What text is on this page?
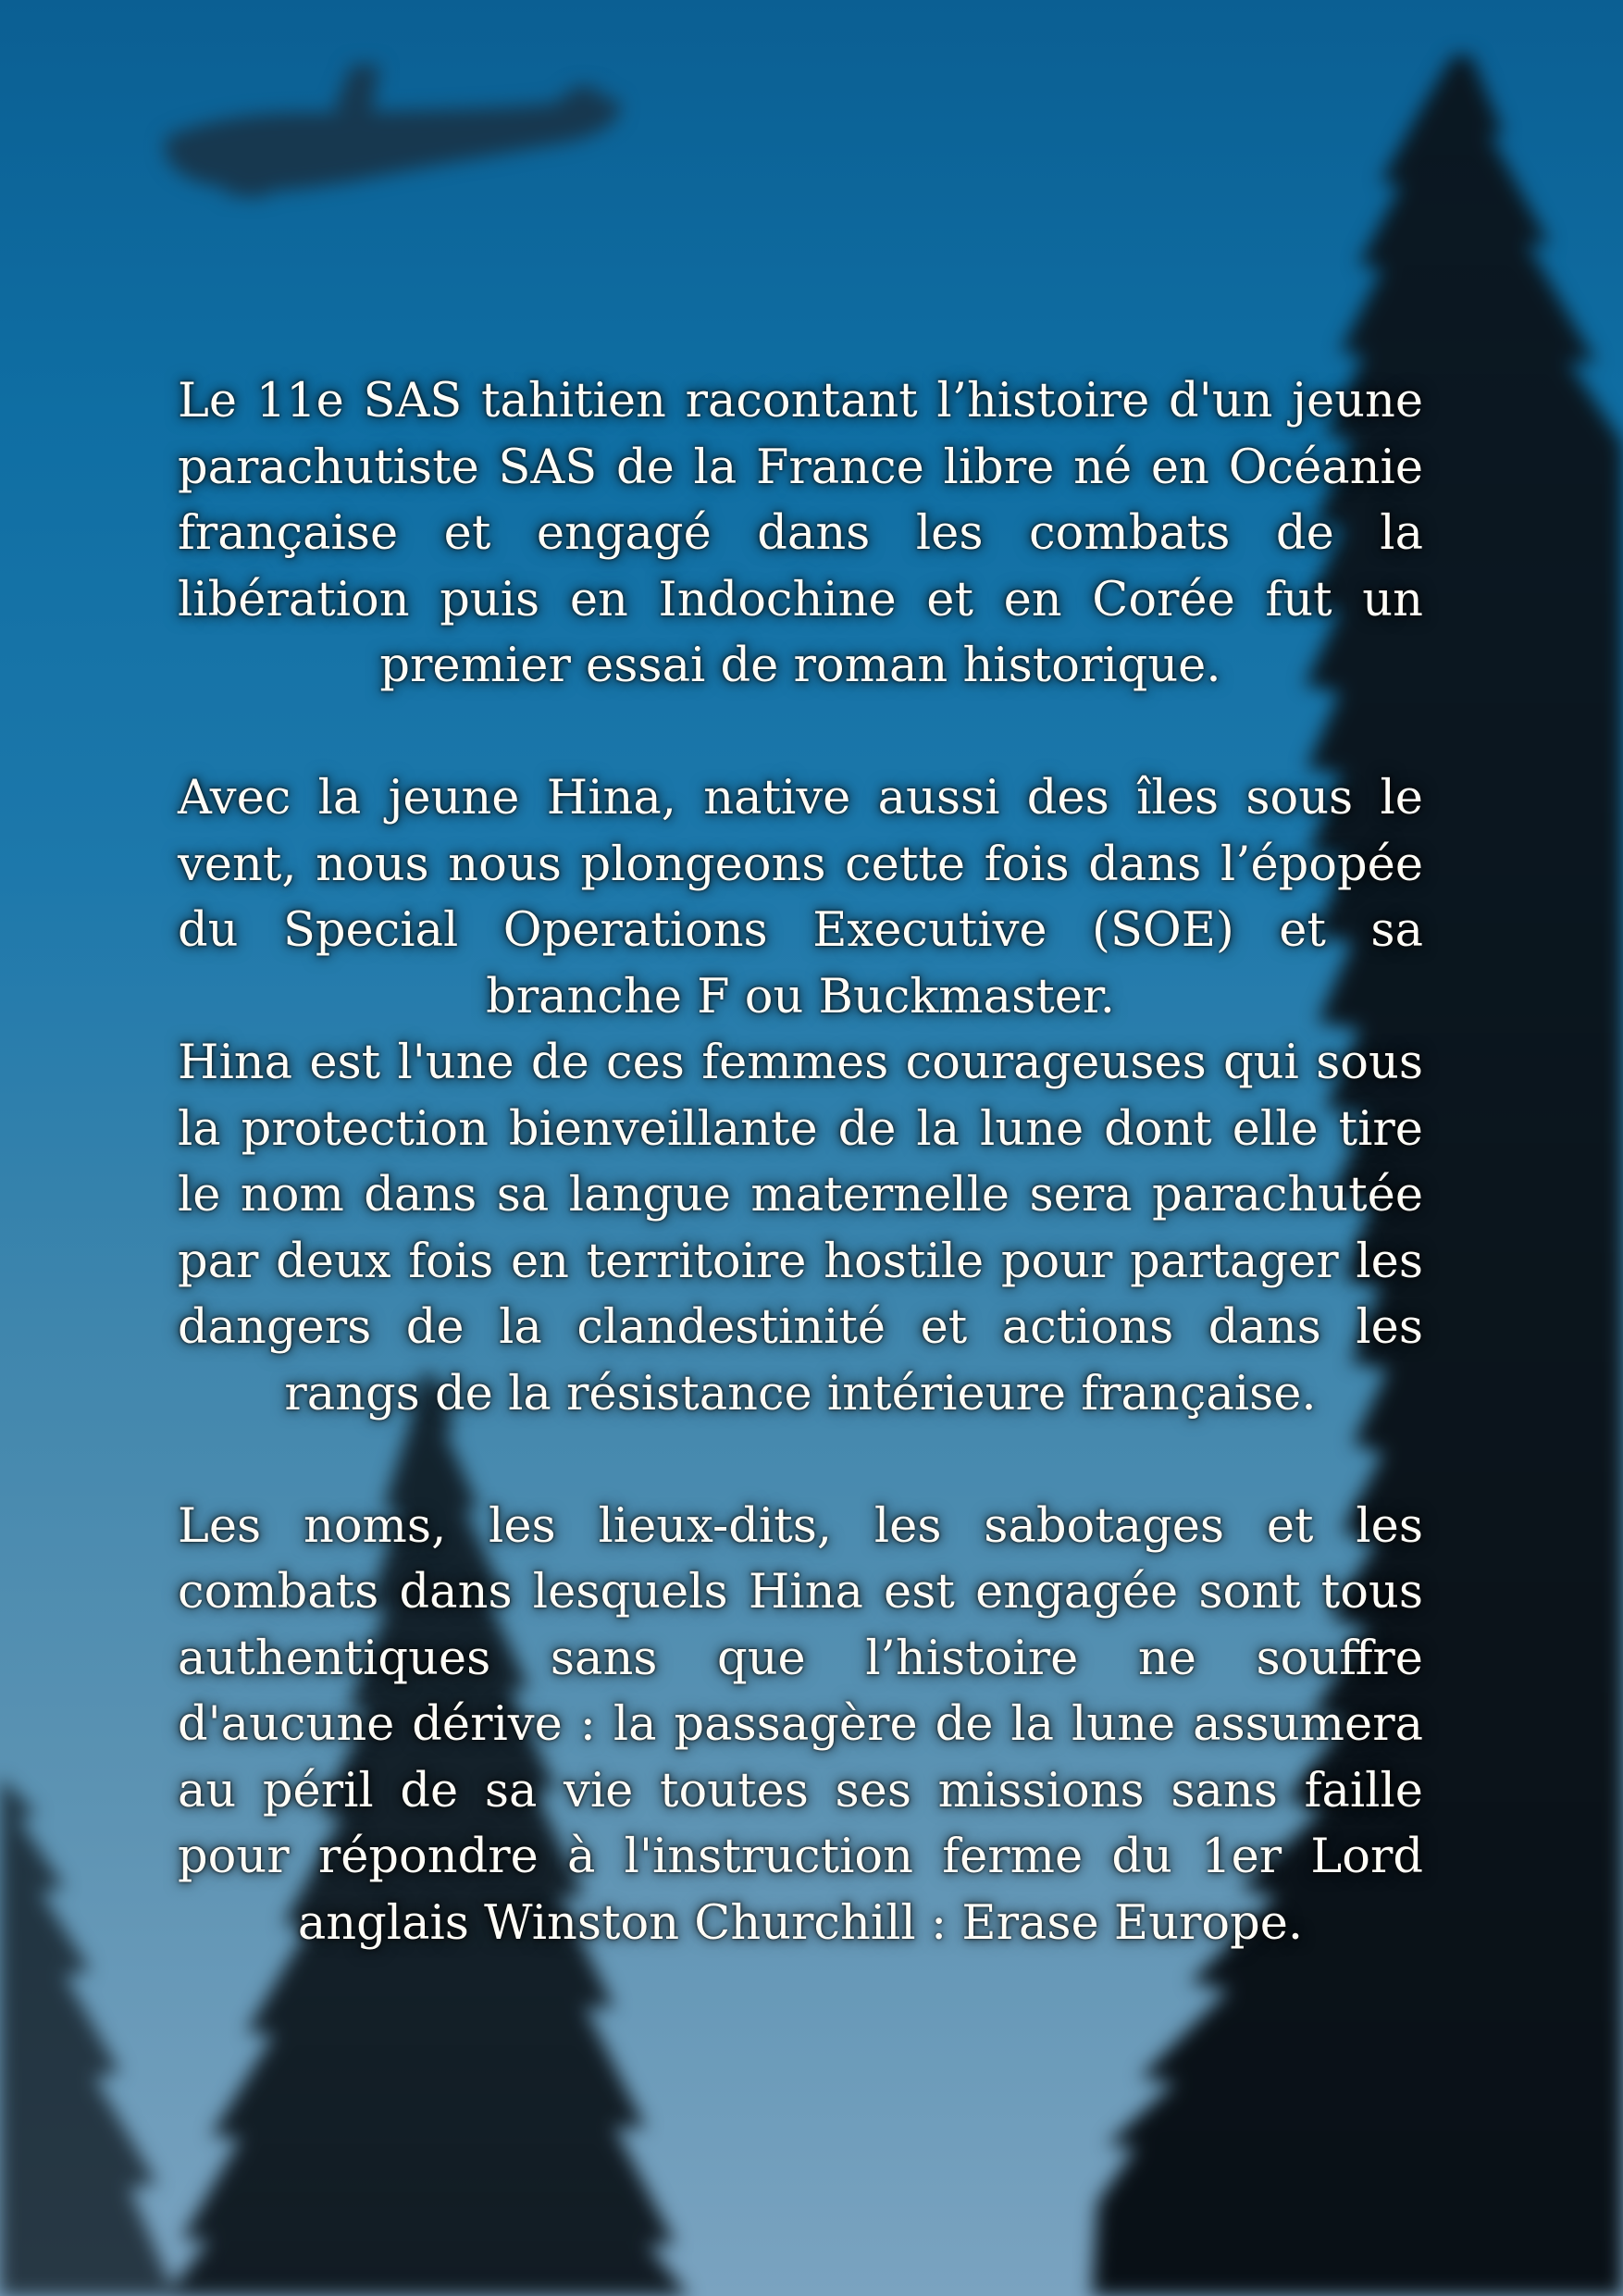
Le 11e SAS tahitien racontant l’histoire d'un jeune parachutiste SAS de la France libre né en Océanie française et engagé dans les combats de la libération puis en Indochine et en Corée fut un premier essai de roman historique.

Avec la jeune Hina, native aussi des îles sous le vent, nous nous plongeons cette fois dans l’épopée du Special Operations Executive (SOE) et sa branche F ou Buckmaster.

Hina est l'une de ces femmes courageuses qui sous la protection bienveillante de la lune dont elle tire le nom dans sa langue maternelle sera parachutée par deux fois en territoire hostile pour partager les dangers de la clandestinité et actions dans les rangs de la résistance intérieure française.

Les noms, les lieux-dits, les sabotages et les combats dans lesquels Hina est engagée sont tous authentiques sans que l’histoire ne souffre d'aucune dérive : la passagère de la lune assumera au péril de sa vie toutes ses missions sans faille pour répondre à l'instruction ferme du 1er Lord anglais Winston Churchill : Erase Europe.
